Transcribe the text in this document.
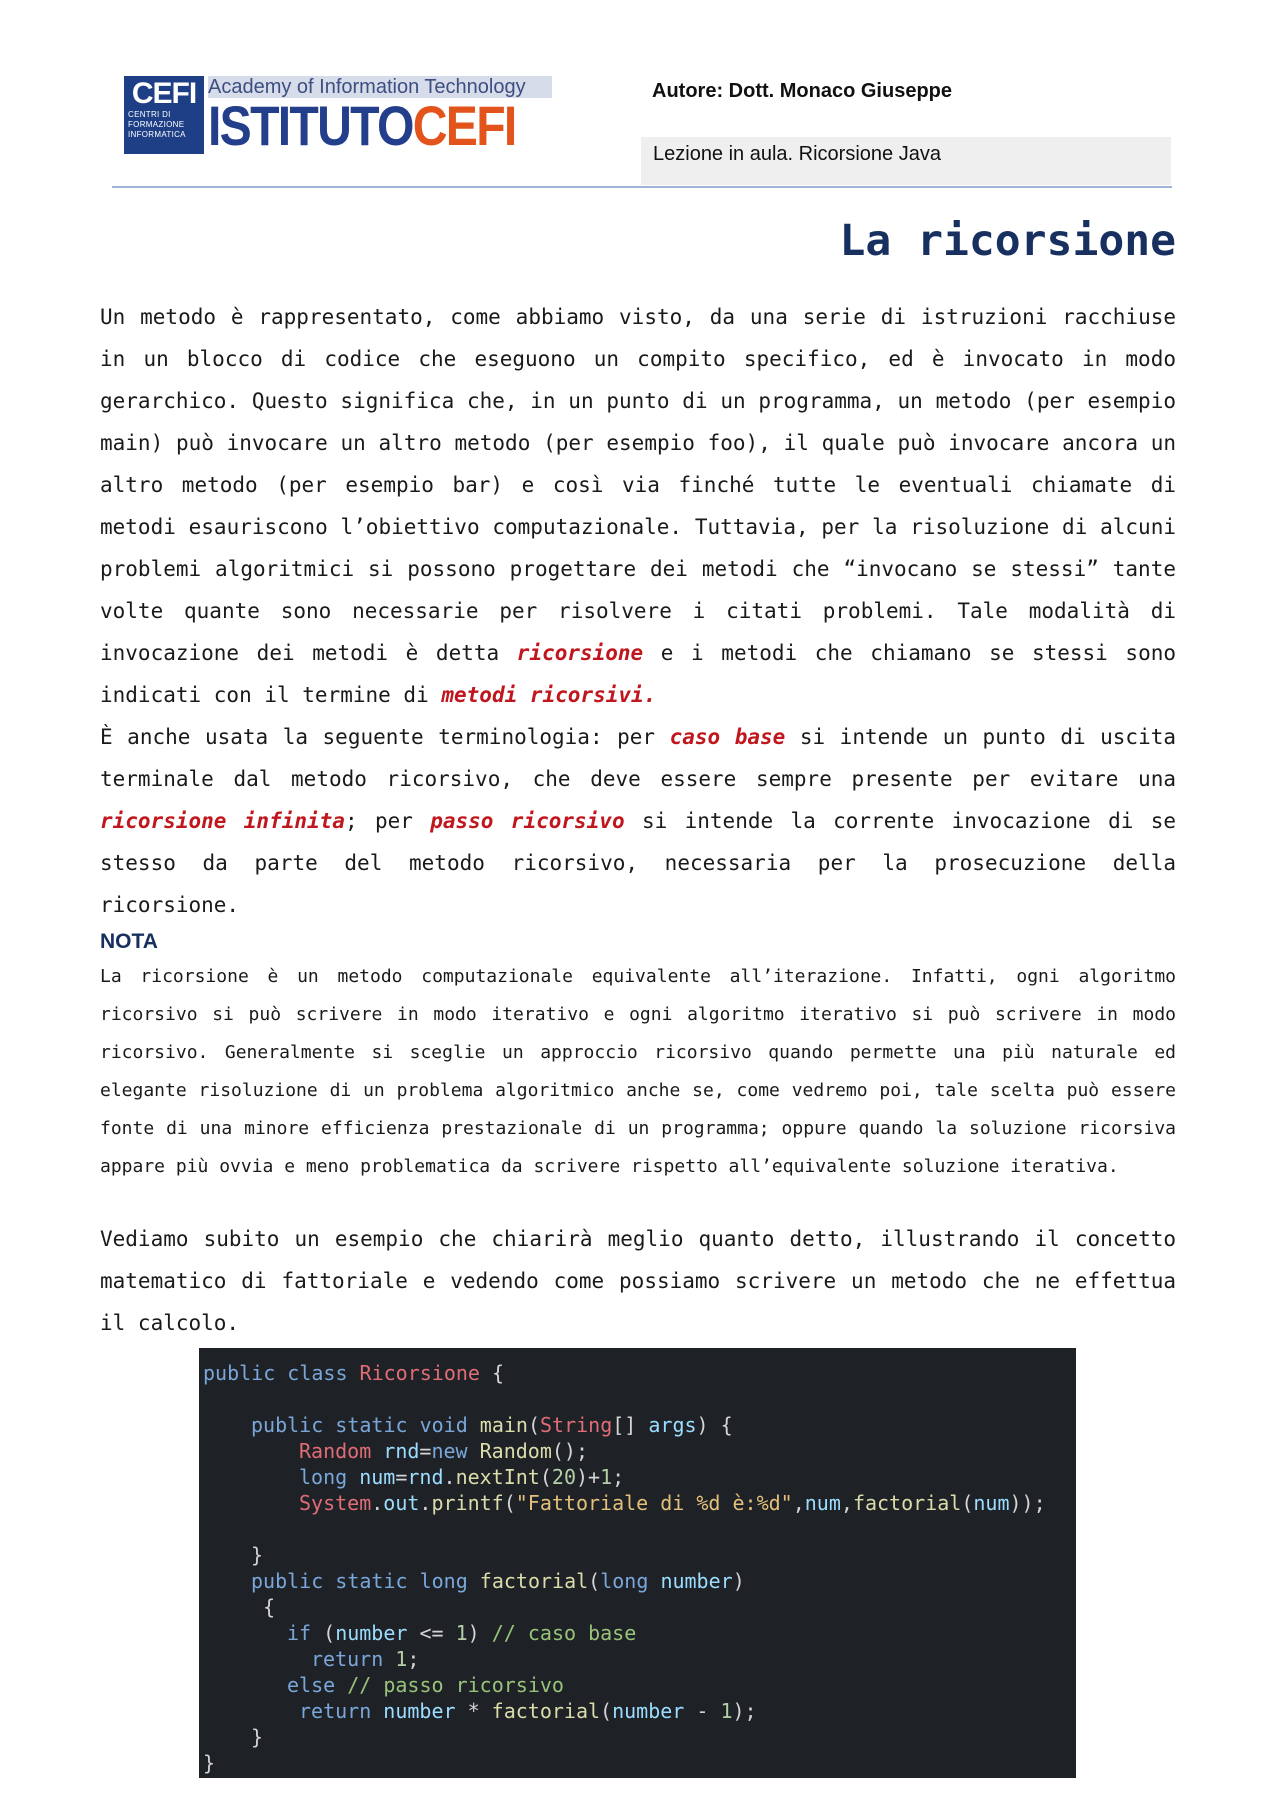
CEFI
CENTRI DI
FORMAZIONE
INFORMATICA
Academy of Information Technology
ISTITUTOCEFI
Autore: Dott. Monaco Giuseppe
Lezione in aula. Ricorsione Java
La ricorsione

Un metodo è rappresentato, come abbiamo visto, da una serie di istruzioni racchiuse in un blocco di codice che eseguono un compito specifico, ed è invocato in modo gerarchico. Questo significa che, in un punto di un programma, un metodo (per esempio main) può invocare un altro metodo (per esempio foo), il quale può invocare ancora un altro metodo (per esempio bar) e così via finché tutte le eventuali chiamate di metodi esauriscono l’obiettivo computazionale. Tuttavia, per la risoluzione di alcuni problemi algoritmici si possono progettare dei metodi che “invocano se stessi” tante volte quante sono necessarie per risolvere i citati problemi. Tale modalità di invocazione dei metodi è detta ricorsione e i metodi che chiamano se stessi sono indicati con il termine di metodi ricorsivi.

È anche usata la seguente terminologia: per caso base si intende un punto di uscita terminale dal metodo ricorsivo, che deve essere sempre presente per evitare una ricorsione infinita; per passo ricorsivo si intende la corrente invocazione di se stesso da parte del metodo ricorsivo, necessaria per la prosecuzione della ricorsione.

NOTA

La ricorsione è un metodo computazionale equivalente all’iterazione. Infatti, ogni algoritmo ricorsivo si può scrivere in modo iterativo e ogni algoritmo iterativo si può scrivere in modo ricorsivo. Generalmente si sceglie un approccio ricorsivo quando permette una più naturale ed elegante risoluzione di un problema algoritmico anche se, come vedremo poi, tale scelta può essere fonte di una minore efficienza prestazionale di un programma; oppure quando la soluzione ricorsiva appare più ovvia e meno problematica da scrivere rispetto all’equivalente soluzione iterativa.

Vediamo subito un esempio che chiarirà meglio quanto detto, illustrando il concetto matematico di fattoriale e vedendo come possiamo scrivere un metodo che ne effettua il calcolo.

public class Ricorsione {
public static void main(String[] args) {
Random rnd=new Random();
long num=rnd.nextInt(20)+1;
System.out.printf("Fattoriale di %d è:%d",num,factorial(num));
}
public static long factorial(long number)
{
if (number <= 1) // caso base
return 1;
else // passo ricorsivo
return number * factorial(number - 1);
}
}
